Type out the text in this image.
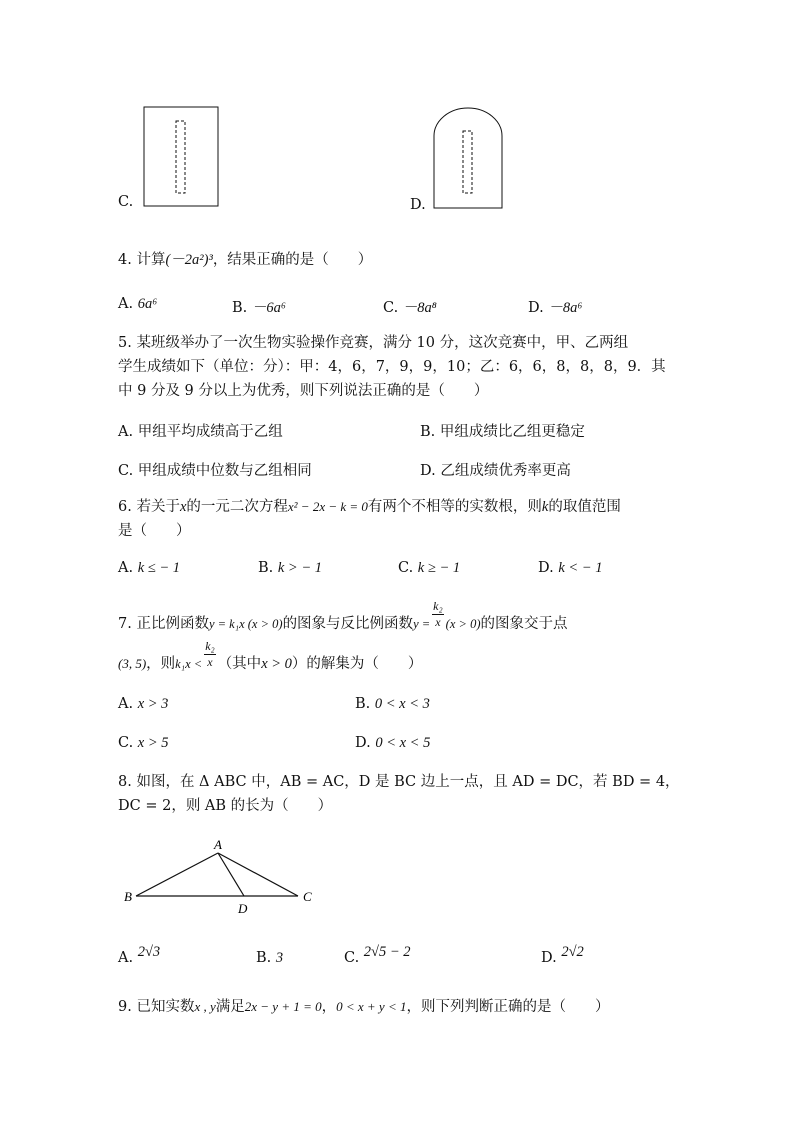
C.	D.
4. 计算(－2a²)³，结果正确的是（　　）
A. 6a⁶	B. －6a⁶	C. －8a⁸	D. －8a⁶
5. 某班级举办了一次生物实验操作竞赛，满分 10 分，这次竞赛中，甲、乙两组
学生成绩如下（单位：分）：甲：4，6，7，9，9，10；乙：6，6，8，8，8，9．其
中 9 分及 9 分以上为优秀，则下列说法正确的是（　　）
A. 甲组平均成绩高于乙组	B. 甲组成绩比乙组更稳定
C. 甲组成绩中位数与乙组相同	D. 乙组成绩优秀率更高
6. 若关于x的一元二次方程x² − 2x − k = 0有两个不相等的实数根，则k的取值范围
是（　　）
A. k ≤ − 1	B. k > − 1	C. k ≥ − 1	D. k < − 1
7. 正比例函数y = k₁x (x > 0)的图象与反比例函数$y = \frac{\text{k₂}}{x} (x > 0)$的图象交于点
(3, 5)，则$k_1x < \frac{\text{k₂}}{x}$ （其中x > 0）的解集为（　　）
A. x > 3	B. 0 < x < 3
C. x > 5	D. 0 < x < 5
8. 如图，在 Δ ABC 中，AB = AC，D 是 BC 边上一点，且 AD = DC，若 BD = 4，
DC = 2，则 AB 的长为（　　）
A
B	C
D
A. 2√3	B. 3	C. 2√5 − 2	D. 2√2
9. 已知实数x , y满足2x − y + 1 = 0，0 < x + y < 1，则下列判断正确的是（　　）
